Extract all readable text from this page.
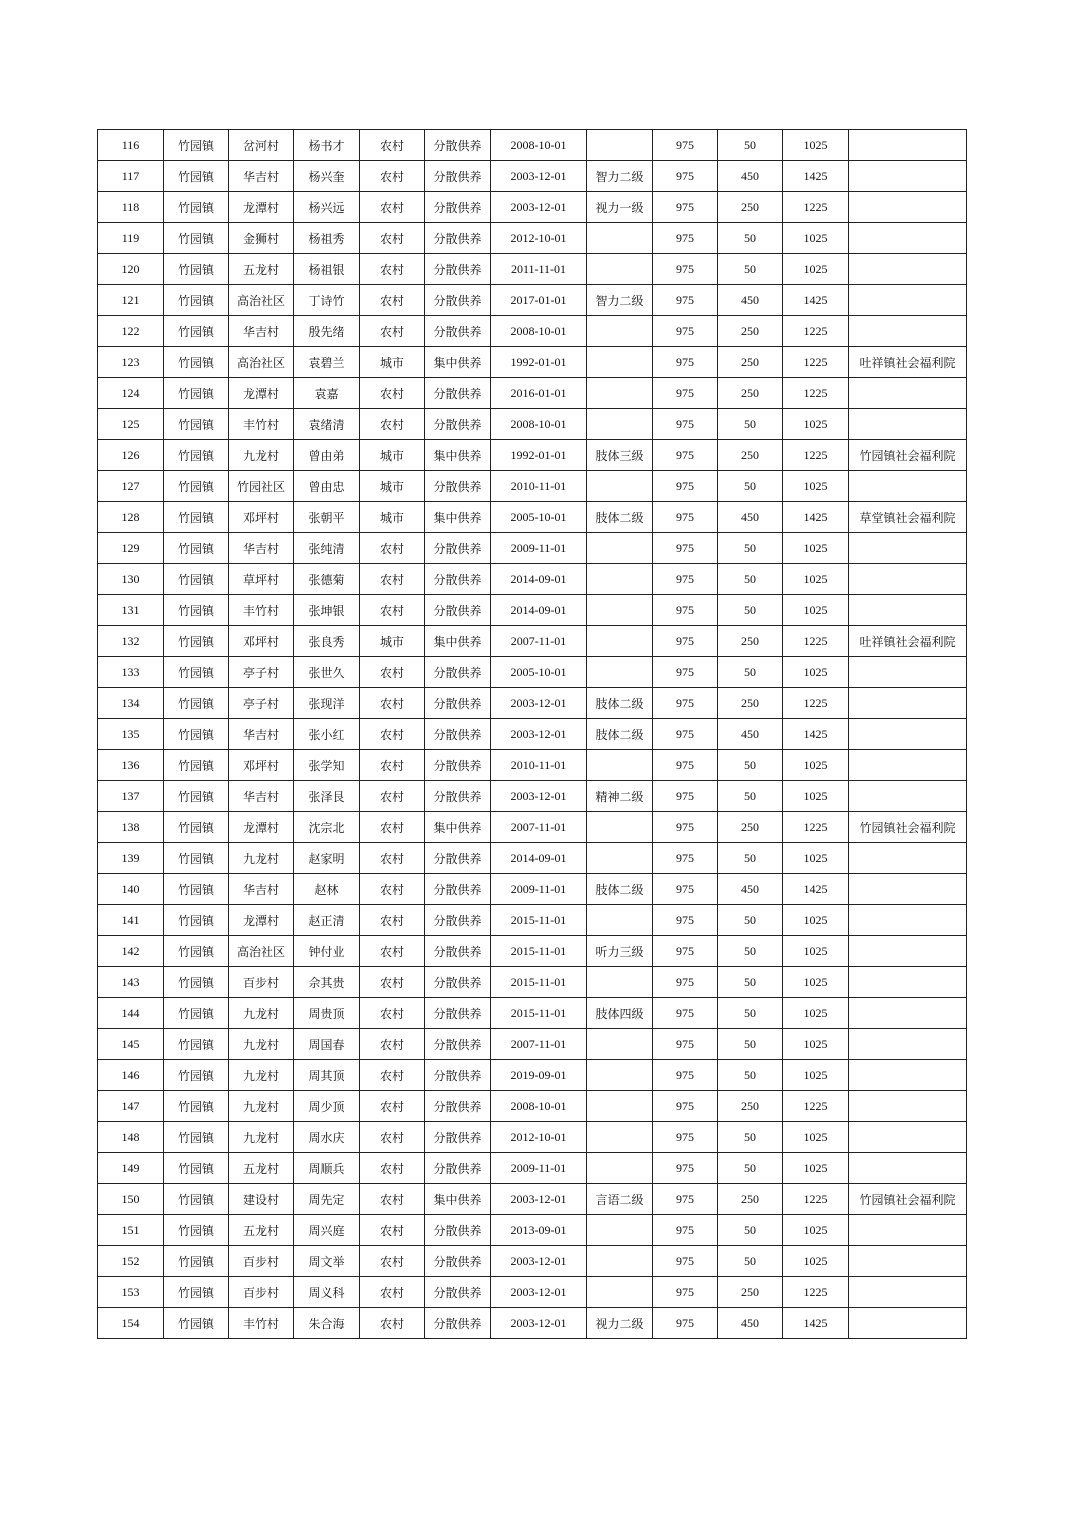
116	竹园镇	岔河村	杨书才	农村	分散供养	2008-10-01		975	50	1025	
117	竹园镇	华吉村	杨兴奎	农村	分散供养	2003-12-01	智力二级	975	450	1425	
118	竹园镇	龙潭村	杨兴远	农村	分散供养	2003-12-01	视力一级	975	250	1225	
119	竹园镇	金狮村	杨祖秀	农村	分散供养	2012-10-01		975	50	1025	
120	竹园镇	五龙村	杨祖银	农村	分散供养	2011-11-01		975	50	1025	
121	竹园镇	高治社区	丁诗竹	农村	分散供养	2017-01-01	智力二级	975	450	1425	
122	竹园镇	华吉村	殷先绪	农村	分散供养	2008-10-01		975	250	1225	
123	竹园镇	高治社区	袁碧兰	城市	集中供养	1992-01-01		975	250	1225	吐祥镇社会福利院
124	竹园镇	龙潭村	袁嘉	农村	分散供养	2016-01-01		975	250	1225	
125	竹园镇	丰竹村	袁绪清	农村	分散供养	2008-10-01		975	50	1025	
126	竹园镇	九龙村	曾由弟	城市	集中供养	1992-01-01	肢体三级	975	250	1225	竹园镇社会福利院
127	竹园镇	竹园社区	曾由忠	城市	分散供养	2010-11-01		975	50	1025	
128	竹园镇	邓坪村	张朝平	城市	集中供养	2005-10-01	肢体二级	975	450	1425	草堂镇社会福利院
129	竹园镇	华吉村	张纯清	农村	分散供养	2009-11-01		975	50	1025	
130	竹园镇	草坪村	张德菊	农村	分散供养	2014-09-01		975	50	1025	
131	竹园镇	丰竹村	张坤银	农村	分散供养	2014-09-01		975	50	1025	
132	竹园镇	邓坪村	张良秀	城市	集中供养	2007-11-01		975	250	1225	吐祥镇社会福利院
133	竹园镇	亭子村	张世久	农村	分散供养	2005-10-01		975	50	1025	
134	竹园镇	亭子村	张现洋	农村	分散供养	2003-12-01	肢体二级	975	250	1225	
135	竹园镇	华吉村	张小红	农村	分散供养	2003-12-01	肢体二级	975	450	1425	
136	竹园镇	邓坪村	张学知	农村	分散供养	2010-11-01		975	50	1025	
137	竹园镇	华吉村	张泽艮	农村	分散供养	2003-12-01	精神二级	975	50	1025	
138	竹园镇	龙潭村	沈宗北	农村	集中供养	2007-11-01		975	250	1225	竹园镇社会福利院
139	竹园镇	九龙村	赵家明	农村	分散供养	2014-09-01		975	50	1025	
140	竹园镇	华吉村	赵林	农村	分散供养	2009-11-01	肢体二级	975	450	1425	
141	竹园镇	龙潭村	赵正清	农村	分散供养	2015-11-01		975	50	1025	
142	竹园镇	高治社区	钟付业	农村	分散供养	2015-11-01	听力三级	975	50	1025	
143	竹园镇	百步村	佘其贵	农村	分散供养	2015-11-01		975	50	1025	
144	竹园镇	九龙村	周贵顶	农村	分散供养	2015-11-01	肢体四级	975	50	1025	
145	竹园镇	九龙村	周国春	农村	分散供养	2007-11-01		975	50	1025	
146	竹园镇	九龙村	周其顶	农村	分散供养	2019-09-01		975	50	1025	
147	竹园镇	九龙村	周少顶	农村	分散供养	2008-10-01		975	250	1225	
148	竹园镇	九龙村	周水庆	农村	分散供养	2012-10-01		975	50	1025	
149	竹园镇	五龙村	周顺兵	农村	分散供养	2009-11-01		975	50	1025	
150	竹园镇	建设村	周先定	农村	集中供养	2003-12-01	言语二级	975	250	1225	竹园镇社会福利院
151	竹园镇	五龙村	周兴庭	农村	分散供养	2013-09-01		975	50	1025	
152	竹园镇	百步村	周文举	农村	分散供养	2003-12-01		975	50	1025	
153	竹园镇	百步村	周义科	农村	分散供养	2003-12-01		975	250	1225	
154	竹园镇	丰竹村	朱合海	农村	分散供养	2003-12-01	视力二级	975	450	1425	
